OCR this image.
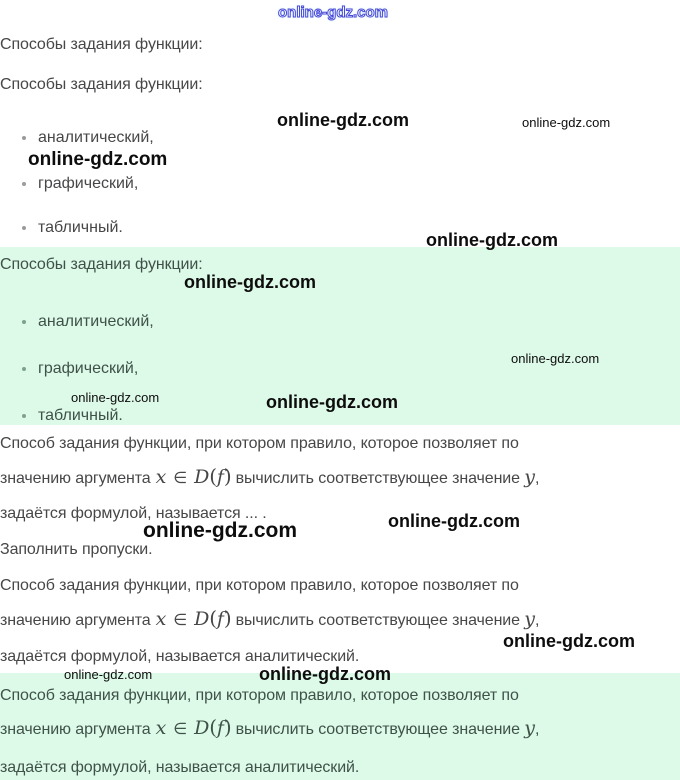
Способы задания функции:
аналитический,
графический,
табличный.
Способ задания функции, при котором правило, которое позволяет по
значению аргумента x ∈ D(f) вычислить соответствующее значение y,
задаётся формулой, называется аналитический.
online-gdz.com
Способы задания функции:
Способы задания функции:
аналитический,
графический,
табличный.
Способ задания функции, при котором правило, которое позволяет по
значению аргумента x ∈ D(f) вычислить соответствующее значение y,
задаётся формулой, называется ... .
Заполнить пропуски.
Способ задания функции, при котором правило, которое позволяет по
значению аргумента x ∈ D(f) вычислить соответствующее значение y,
задаётся формулой, называется аналитический.
online-gdz.com	online-gdz.com
online-gdz.com
online-gdz.com
online-gdz.com
online-gdz.com
online-gdz.com	online-gdz.com
online-gdz.com
online-gdz.com
online-gdz.com
online-gdz.com	online-gdz.com
